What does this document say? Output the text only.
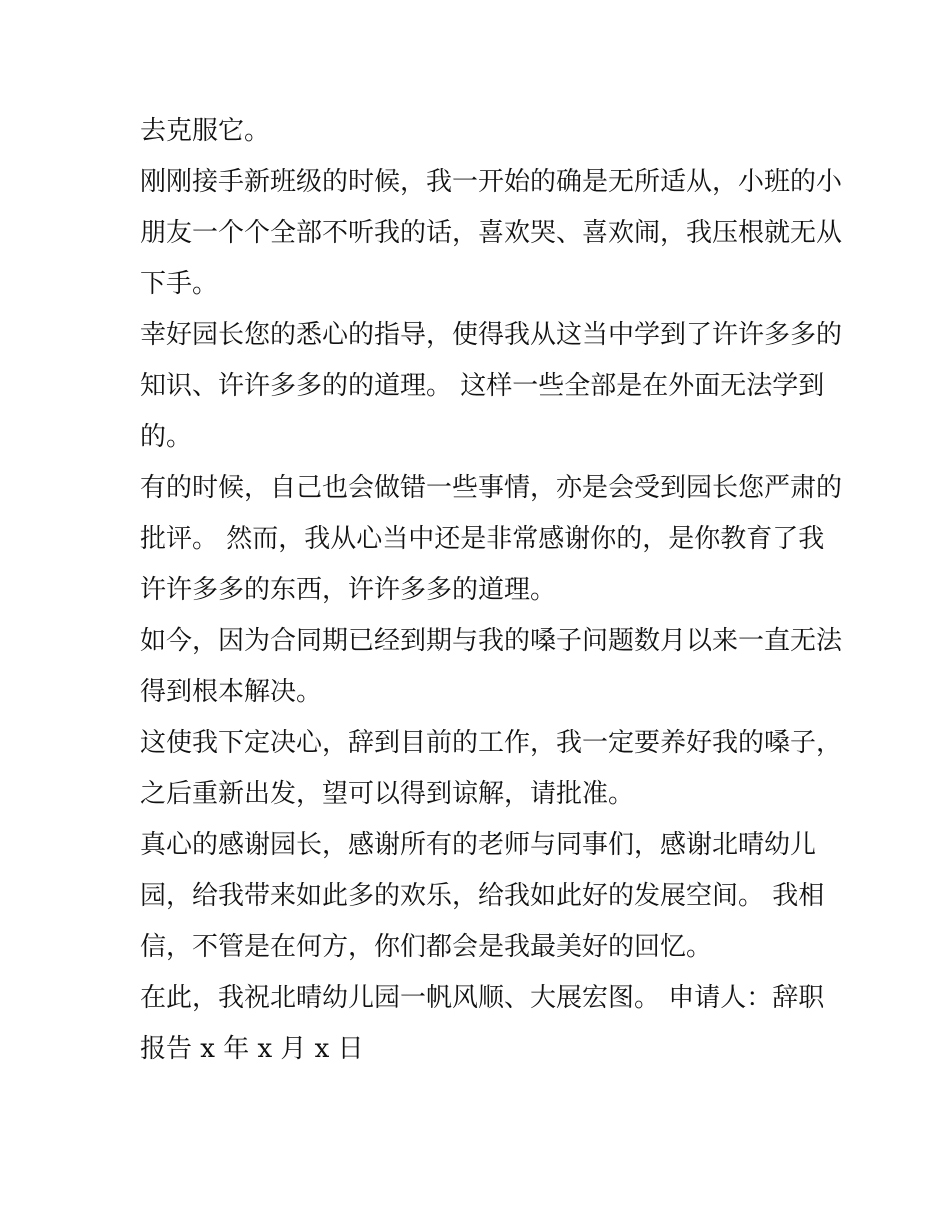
去克服它。
刚刚接手新班级的时候，我一开始的确是无所适从，小班的小
朋友一个个全部不听我的话，喜欢哭、喜欢闹，我压根就无从
下手。
幸好园长您的悉心的指导，使得我从这当中学到了许许多多的
知识、许许多多的的道理。 这样一些全部是在外面无法学到
的。
有的时候，自己也会做错一些事情，亦是会受到园长您严肃的
批评。 然而，我从心当中还是非常感谢你的，是你教育了我
许许多多的东西，许许多多的道理。
如今，因为合同期已经到期与我的嗓子问题数月以来一直无法
得到根本解决。
这使我下定决心，辞到目前的工作，我一定要养好我的嗓子，
之后重新出发，望可以得到谅解，请批准。
真心的感谢园长，感谢所有的老师与同事们，感谢北晴幼儿
园，给我带来如此多的欢乐，给我如此好的发展空间。 我相
信，不管是在何方，你们都会是我最美好的回忆。
在此，我祝北晴幼儿园一帆风顺、大展宏图。 申请人：辞职
报告 x 年 x 月 x 日
